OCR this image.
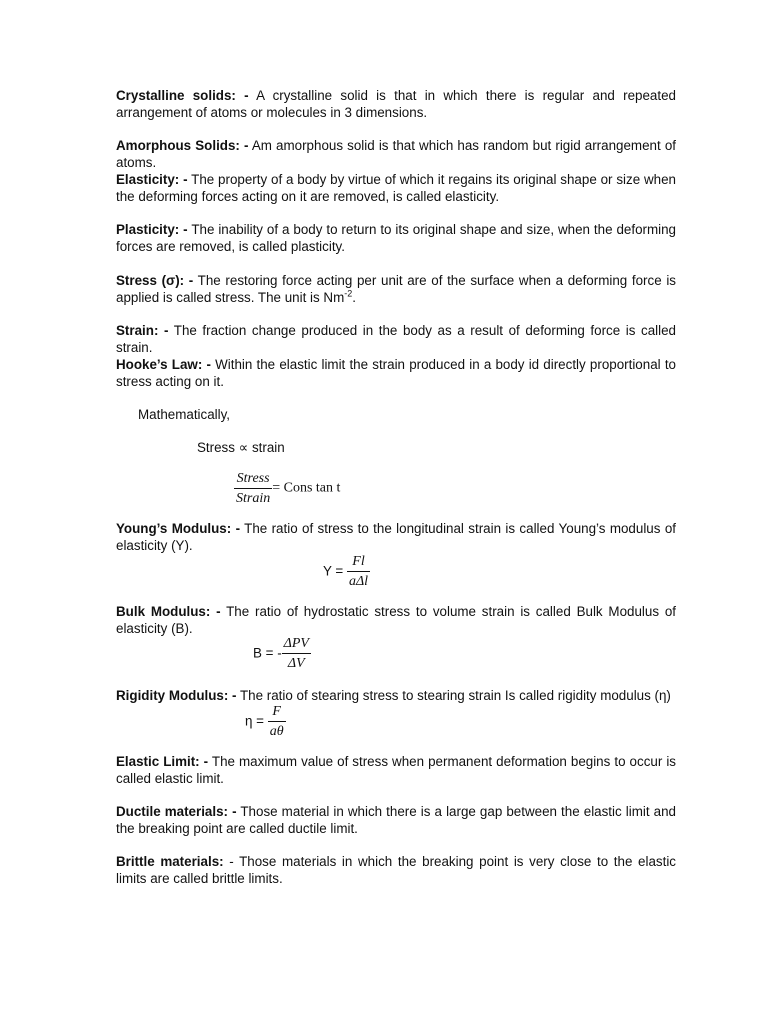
Crystalline solids: - A crystalline solid is that in which there is regular and repeated arrangement of atoms or molecules in 3 dimensions.

Amorphous Solids: - Am amorphous solid is that which has random but rigid arrangement of atoms.

Elasticity: - The property of a body by virtue of which it regains its original shape or size when the deforming forces acting on it are removed, is called elasticity.

Plasticity: - The inability of a body to return to its original shape and size, when the deforming forces are removed, is called plasticity.

Stress (σ): - The restoring force acting per unit are of the surface when a deforming force is applied is called stress. The unit is $Nm^{-2}$.

Strain: - The fraction change produced in the body as a result of deforming force is called strain.

Hooke’s Law: - Within the elastic limit the strain produced in a body id directly proportional to stress acting on it.

Mathematically,
Stress ∝ strain
$\frac{\text{Stress}}{\text{Strain}}$ = Cons tan t

Young’s Modulus: - The ratio of stress to the longitudinal strain is called Young’s modulus of elasticity (Y).

$Y = \frac{Fl}{\text{aΔl}}$

Bulk Modulus: - The ratio of hydrostatic stress to volume strain is called Bulk Modulus of elasticity (B).

B = - $\frac{\text{ΔPV}}{\Delta V}$

Rigidity Modulus: - The ratio of stearing stress to stearing strain Is called rigidity modulus (η)

$\eta = \frac{F}{a\theta}$

Elastic Limit: - The maximum value of stress when permanent deformation begins to occur is called elastic limit.

Ductile materials: - Those material in which there is a large gap between the elastic limit and the breaking point are called ductile limit.

Brittle materials: - Those materials in which the breaking point is very close to the elastic limits are called brittle limits.
